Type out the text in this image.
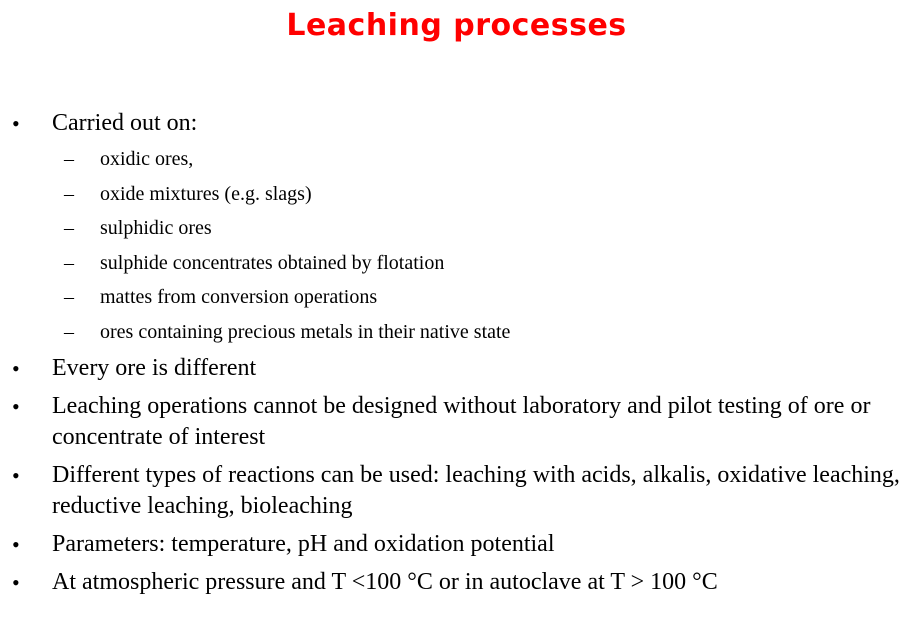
Leaching processes
• Carried out on:
– oxidic ores,
– oxide mixtures (e.g. slags)
– sulphidic ores
– sulphide concentrates obtained by flotation
– mattes from conversion operations
– ores containing precious metals in their native state
• Every ore is different
• Leaching operations cannot be designed without laboratory and pilot testing of ore or concentrate of interest
• Different types of reactions can be used: leaching with acids, alkalis, oxidative leaching, reductive leaching, bioleaching
• Parameters: temperature, pH and oxidation potential
• At atmospheric pressure and T <100 °C or in autoclave at T > 100 °C
